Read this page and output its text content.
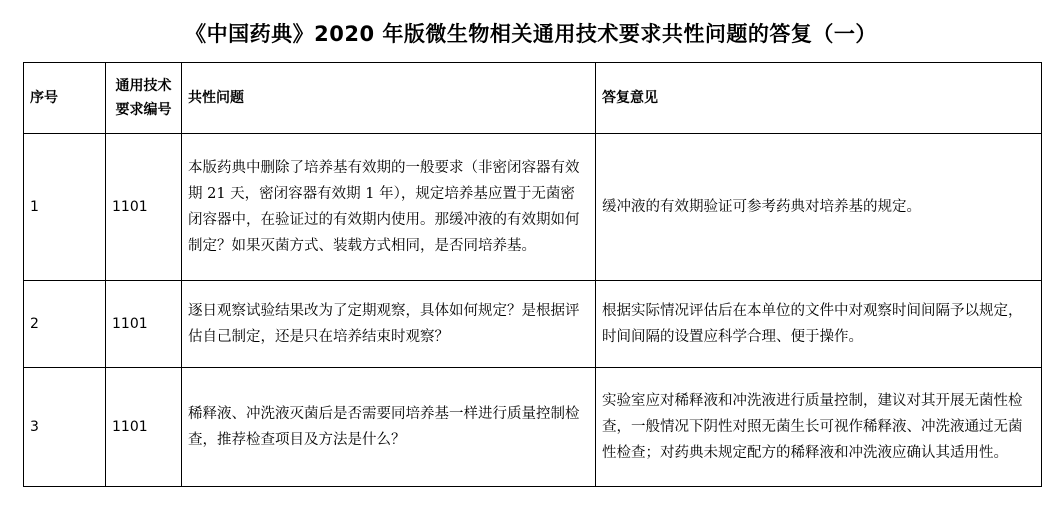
《中国药典》2020 年版微生物相关通用技术要求共性问题的答复（一）
序号	通用技术要求编号	共性问题	答复意见
1	1101	本版药典中删除了培养基有效期的一般要求（非密闭容器有效期 21 天，密闭容器有效期 1 年），规定培养基应置于无菌密闭容器中，在验证过的有效期内使用。那缓冲液的有效期如何制定？如果灭菌方式、装载方式相同，是否同培养基。	缓冲液的有效期验证可参考药典对培养基的规定。
2	1101	逐日观察试验结果改为了定期观察，具体如何规定？是根据评估自己制定，还是只在培养结束时观察？	根据实际情况评估后在本单位的文件中对观察时间间隔予以规定，时间间隔的设置应科学合理、便于操作。
3	1101	稀释液、冲洗液灭菌后是否需要同培养基一样进行质量控制检查，推荐检查项目及方法是什么？	实验室应对稀释液和冲洗液进行质量控制，建议对其开展无菌性检查，一般情况下阴性对照无菌生长可视作稀释液、冲洗液通过无菌性检查；对药典未规定配方的稀释液和冲洗液应确认其适用性。
